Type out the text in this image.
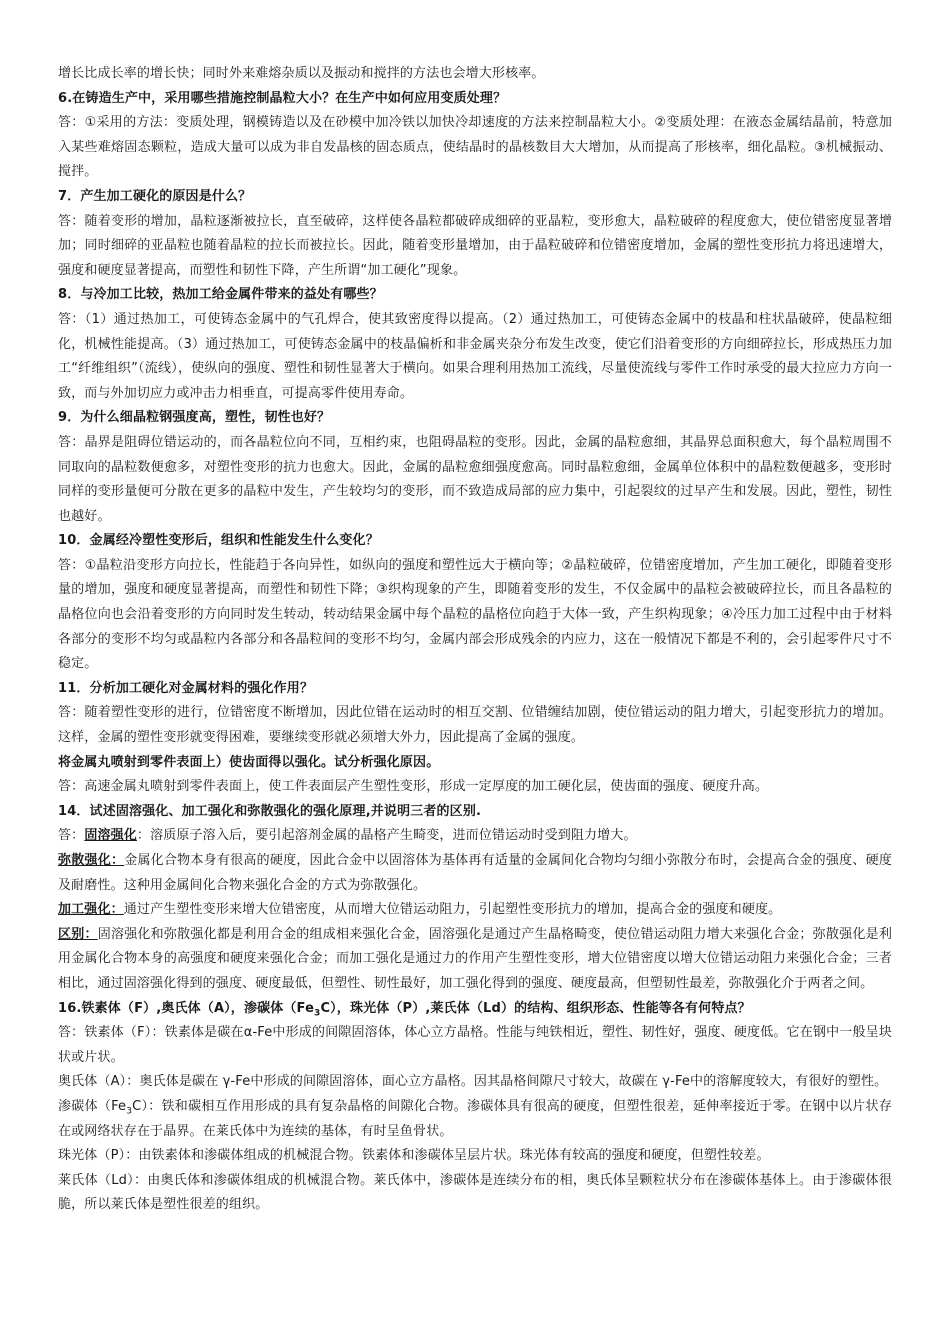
增长比成长率的增长快；同时外来难熔杂质以及振动和搅拌的方法也会增大形核率。

6.在铸造生产中，采用哪些措施控制晶粒大小？在生产中如何应用变质处理？

答：①采用的方法：变质处理，钢模铸造以及在砂模中加冷铁以加快冷却速度的方法来控制晶粒大小。②变质处理：在液态金属结晶前，特意加入某些难熔固态颗粒，造成大量可以成为非自发晶核的固态质点，使结晶时的晶核数目大大增加，从而提高了形核率，细化晶粒。③机械振动、搅拌。

7．产生加工硬化的原因是什么？

答：随着变形的增加，晶粒逐渐被拉长，直至破碎，这样使各晶粒都破碎成细碎的亚晶粒，变形愈大，晶粒破碎的程度愈大，使位错密度显著增加；同时细碎的亚晶粒也随着晶粒的拉长而被拉长。因此，随着变形量增加，由于晶粒破碎和位错密度增加，金属的塑性变形抗力将迅速增大，强度和硬度显著提高，而塑性和韧性下降，产生所谓“加工硬化”现象。

8．与冷加工比较，热加工给金属件带来的益处有哪些？

答：（1）通过热加工，可使铸态金属中的气孔焊合，使其致密度得以提高。（2）通过热加工，可使铸态金属中的枝晶和柱状晶破碎，使晶粒细化，机械性能提高。（3）通过热加工，可使铸态金属中的枝晶偏析和非金属夹杂分布发生改变，使它们沿着变形的方向细碎拉长，形成热压力加工“纤维组织”（流线），使纵向的强度、塑性和韧性显著大于横向。如果合理利用热加工流线，尽量使流线与零件工作时承受的最大拉应力方向一致，而与外加切应力或冲击力相垂直，可提高零件使用寿命。

9．为什么细晶粒钢强度高，塑性，韧性也好？

答：晶界是阻碍位错运动的，而各晶粒位向不同，互相约束，也阻碍晶粒的变形。因此，金属的晶粒愈细，其晶界总面积愈大，每个晶粒周围不同取向的晶粒数便愈多，对塑性变形的抗力也愈大。因此，金属的晶粒愈细强度愈高。同时晶粒愈细，金属单位体积中的晶粒数便越多，变形时同样的变形量便可分散在更多的晶粒中发生，产生较均匀的变形，而不致造成局部的应力集中，引起裂纹的过早产生和发展。因此，塑性，韧性也越好。

10．金属经冷塑性变形后，组织和性能发生什么变化？

答：①晶粒沿变形方向拉长，性能趋于各向异性，如纵向的强度和塑性远大于横向等；②晶粒破碎，位错密度增加，产生加工硬化，即随着变形量的增加，强度和硬度显著提高，而塑性和韧性下降；③织构现象的产生，即随着变形的发生，不仅金属中的晶粒会被破碎拉长，而且各晶粒的晶格位向也会沿着变形的方向同时发生转动，转动结果金属中每个晶粒的晶格位向趋于大体一致，产生织构现象；④冷压力加工过程中由于材料各部分的变形不均匀或晶粒内各部分和各晶粒间的变形不均匀，金属内部会形成残余的内应力，这在一般情况下都是不利的，会引起零件尺寸不稳定。

11．分析加工硬化对金属材料的强化作用？

答：随着塑性变形的进行，位错密度不断增加，因此位错在运动时的相互交割、位错缠结加剧，使位错运动的阻力增大，引起变形抗力的增加。这样，金属的塑性变形就变得困难，要继续变形就必须增大外力，因此提高了金属的强度。

将金属丸喷射到零件表面上）使齿面得以强化。试分析强化原因。

答：高速金属丸喷射到零件表面上，使工件表面层产生塑性变形，形成一定厚度的加工硬化层，使齿面的强度、硬度升高。

14．试述固溶强化、加工强化和弥散强化的强化原理,并说明三者的区别.

答：固溶强化：溶质原子溶入后，要引起溶剂金属的晶格产生畸变，进而位错运动时受到阻力增大。

弥散强化：金属化合物本身有很高的硬度，因此合金中以固溶体为基体再有适量的金属间化合物均匀细小弥散分布时，会提高合金的强度、硬度及耐磨性。这种用金属间化合物来强化合金的方式为弥散强化。

加工强化：通过产生塑性变形来增大位错密度，从而增大位错运动阻力，引起塑性变形抗力的增加，提高合金的强度和硬度。

区别：固溶强化和弥散强化都是利用合金的组成相来强化合金，固溶强化是通过产生晶格畸变，使位错运动阻力增大来强化合金；弥散强化是利用金属化合物本身的高强度和硬度来强化合金；而加工强化是通过力的作用产生塑性变形，增大位错密度以增大位错运动阻力来强化合金；三者相比，通过固溶强化得到的强度、硬度最低，但塑性、韧性最好，加工强化得到的强度、硬度最高，但塑韧性最差，弥散强化介于两者之间。

16.铁素体（F）,奥氏体（A），渗碳体$(Fe_3C)$，珠光体（P）,莱氏体（Ld）的结构、组织形态、性能等各有何特点？

答：铁素体（F）：铁素体是碳在α-Fe中形成的间隙固溶体，体心立方晶格。性能与纯铁相近，塑性、韧性好，强度、硬度低。它在钢中一般呈块状或片状。

奥氏体（A）：奥氏体是碳在 γ-Fe中形成的间隙固溶体，面心立方晶格。因其晶格间隙尺寸较大，故碳在 γ-Fe中的溶解度较大，有很好的塑性。

渗碳体$(Fe_3C)$：铁和碳相互作用形成的具有复杂晶格的间隙化合物。渗碳体具有很高的硬度，但塑性很差，延伸率接近于零。在钢中以片状存在或网络状存在于晶界。在莱氏体中为连续的基体，有时呈鱼骨状。

珠光体（P）：由铁素体和渗碳体组成的机械混合物。铁素体和渗碳体呈层片状。珠光体有较高的强度和硬度，但塑性较差。

莱氏体（Ld）：由奥氏体和渗碳体组成的机械混合物。莱氏体中，渗碳体是连续分布的相，奥氏体呈颗粒状分布在渗碳体基体上。由于渗碳体很脆，所以莱氏体是塑性很差的组织。
